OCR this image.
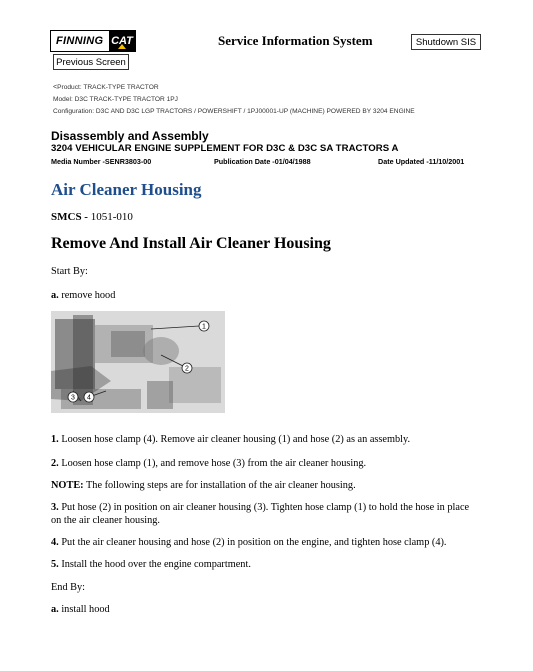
FINNING CAT	Service Information System	Shutdown SIS
Previous Screen
<Product: TRACK-TYPE TRACTOR
Model: D3C TRACK-TYPE TRACTOR 1PJ
Configuration: D3C AND D3C LGP TRACTORS / POWERSHIFT / 1PJ00001-UP (MACHINE) POWERED BY 3204 ENGINE
Disassembly and Assembly
3204 VEHICULAR ENGINE SUPPLEMENT FOR D3C & D3C SA TRACTORS A
Media Number -SENR3803-00	Publication Date -01/04/1988	Date Updated -11/10/2001
Air Cleaner Housing
SMCS - 1051-010
Remove And Install Air Cleaner Housing
Start By:
a. remove hood
1
2
3 4
1. Loosen hose clamp (4). Remove air cleaner housing (1) and hose (2) as an assembly.
2. Loosen hose clamp (1), and remove hose (3) from the air cleaner housing.
NOTE: The following steps are for installation of the air cleaner housing.
3. Put hose (2) in position on air cleaner housing (3). Tighten hose clamp (1) to hold the hose in place on the air cleaner housing.
4. Put the air cleaner housing and hose (2) in position on the engine, and tighten hose clamp (4).
5. Install the hood over the engine compartment.
End By:
a. install hood
